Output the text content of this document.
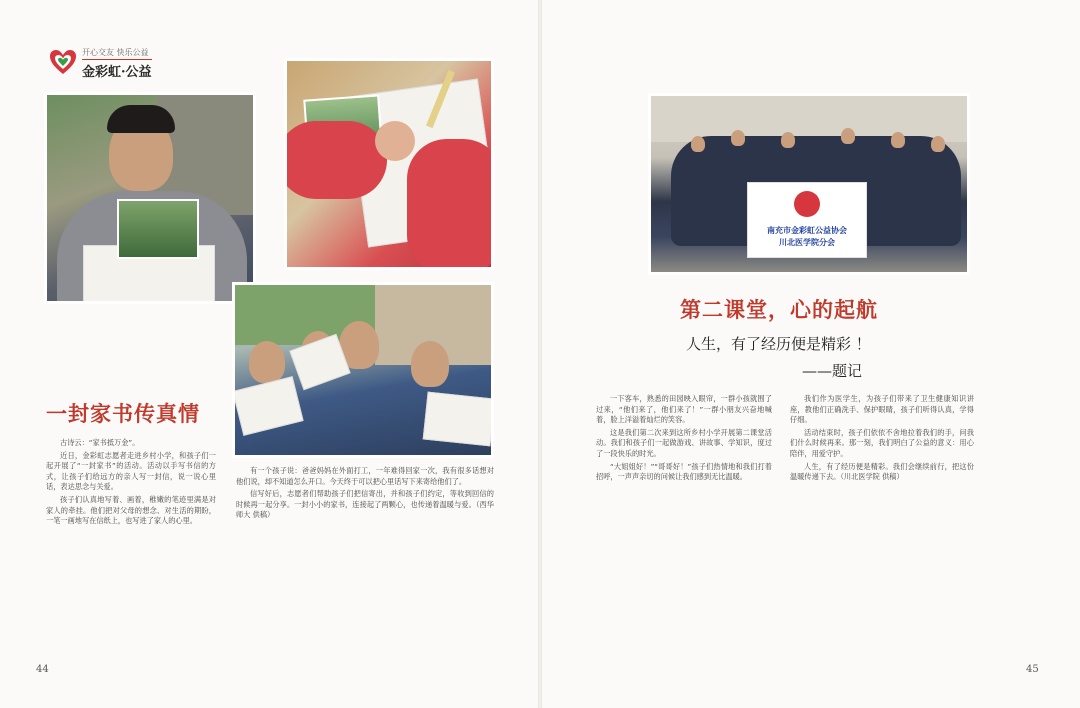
开心交友 快乐公益
金彩虹·公益
一封家书传真情

古诗云：“家书抵万金”。

近日，金彩虹志愿者走进乡村小学，和孩子们一起开展了“一封家书”的活动。活动以手写书信的方式，让孩子们给远方的亲人写一封信，说一说心里话，表达思念与关爱。

孩子们认真地写着、画着，稚嫩的笔迹里满是对家人的牵挂。他们把对父母的想念、对生活的期盼，一笔一画地写在信纸上，也写进了家人的心里。

有一个孩子说：爸爸妈妈在外面打工，一年难得回家一次，我有很多话想对他们说，却不知道怎么开口。今天终于可以把心里话写下来寄给他们了。

信写好后，志愿者们帮助孩子们把信寄出，并和孩子们约定，等收到回信的时候再一起分享。一封小小的家书，连接起了两颗心，也传递着温暖与爱。（西华师大 供稿）

44
南充市金彩虹公益协会
川北医学院分会
第二课堂，心的起航
人生，有了经历便是精彩 ！
——题记

一下客车，熟悉的田园映入眼帘，一群小孩就围了过来，“他们来了，他们来了！”一群小朋友兴奋地喊着，脸上洋溢着灿烂的笑容。

这是我们第二次来到这所乡村小学开展第二课堂活动。我们和孩子们一起做游戏、讲故事、学知识，度过了一段快乐的时光。

“大姐姐好！”“哥哥好！”孩子们热情地和我们打着招呼，一声声亲切的问候让我们感到无比温暖。

我们作为医学生，为孩子们带来了卫生健康知识讲座，教他们正确洗手、保护眼睛，孩子们听得认真，学得仔细。

活动结束时，孩子们依依不舍地拉着我们的手，问我们什么时候再来。那一刻，我们明白了公益的意义：用心陪伴，用爱守护。

人生，有了经历便是精彩。我们会继续前行，把这份温暖传递下去。（川北医学院 供稿）

45
